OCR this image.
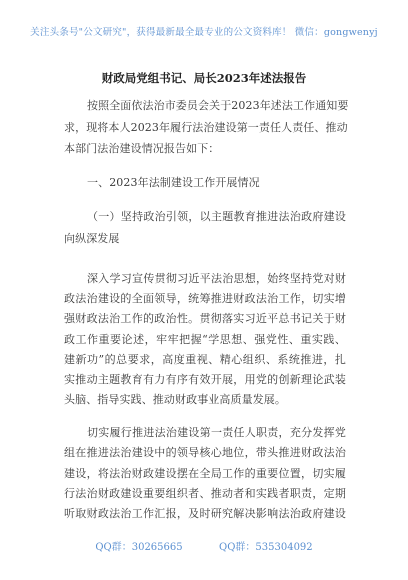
关注头条号"公文研究"，获得最新最全最专业的公文资料库！ 微信：gongwenyj
财政局党组书记、局长2023年述法报告
按照全面依法治市委员会关于2023年述法工作通知要
求，现将本人2023年履行法治建设第一责任人责任、推动
本部门法治建设情况报告如下：
一、2023年法制建设工作开展情况
（一）坚持政治引领，以主题教育推进法治政府建设
向纵深发展
深入学习宣传贯彻习近平法治思想，始终坚持党对财
政法治建设的全面领导，统筹推进财政法治工作，切实增
强财政法治工作的政治性。贯彻落实习近平总书记关于财
政工作重要论述，牢牢把握“学思想、强党性、重实践、
建新功”的总要求，高度重视、精心组织、系统推进，扎
实推动主题教育有力有序有效开展，用党的创新理论武装
头脑、指导实践、推动财政事业高质量发展。
切实履行推进法治建设第一责任人职责，充分发挥党
组在推进法治建设中的领导核心地位，带头推进财政法治
建设，将法治财政建设摆在全局工作的重要位置，切实履
行法治财政建设重要组织者、推动者和实践者职责，定期
听取财政法治工作汇报，及时研究解决影响法治政府建设
QQ群：30265665	QQ群：535304092
